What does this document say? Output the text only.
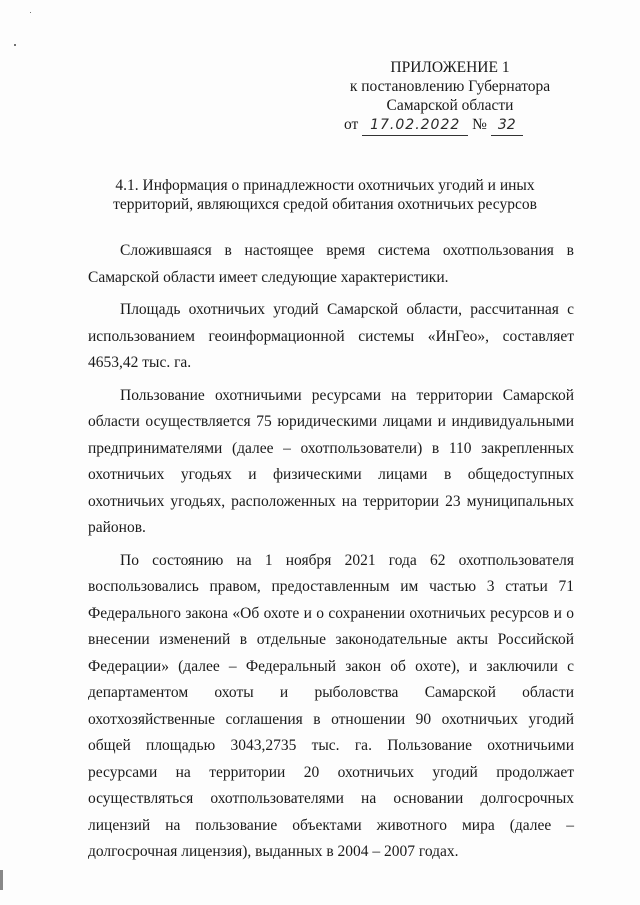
ПРИЛОЖЕНИЕ 1
к постановлению Губернатора
Самарской области
от 17.02.2022 № 32
4.1. Информация о принадлежности охотничьих угодий и иных
территорий, являющихся средой обитания охотничьих ресурсов

Сложившаяся в настоящее время система охотпользования в Самарской области имеет следующие характеристики.

Площадь охотничьих угодий Самарской области, рассчитанная с использованием геоинформационной системы «ИнГео», составляет 4653,42 тыс. га.

Пользование охотничьими ресурсами на территории Самарской области осуществляется 75 юридическими лицами и индивидуальными предпринимателями (далее – охотпользователи) в 110 закрепленных охотничьих угодьях и физическими лицами в общедоступных охотничьих угодьях, расположенных на территории 23 муниципальных районов.

По состоянию на 1 ноября 2021 года 62 охотпользователя воспользовались правом, предоставленным им частью 3 статьи 71 Федерального закона «Об охоте и о сохранении охотничьих ресурсов и о внесении изменений в отдельные законодательные акты Российской Федерации» (далее – Федеральный закон об охоте), и заключили с департаментом охоты и рыболовства Самарской области охотхозяйственные соглашения в отношении 90 охотничьих угодий общей площадью 3043,2735 тыс. га. Пользование охотничьими ресурсами на территории 20 охотничьих угодий продолжает осуществляться охотпользователями на основании долгосрочных лицензий на пользование объектами животного мира (далее – долгосрочная лицензия), выданных в 2004 – 2007 годах.
